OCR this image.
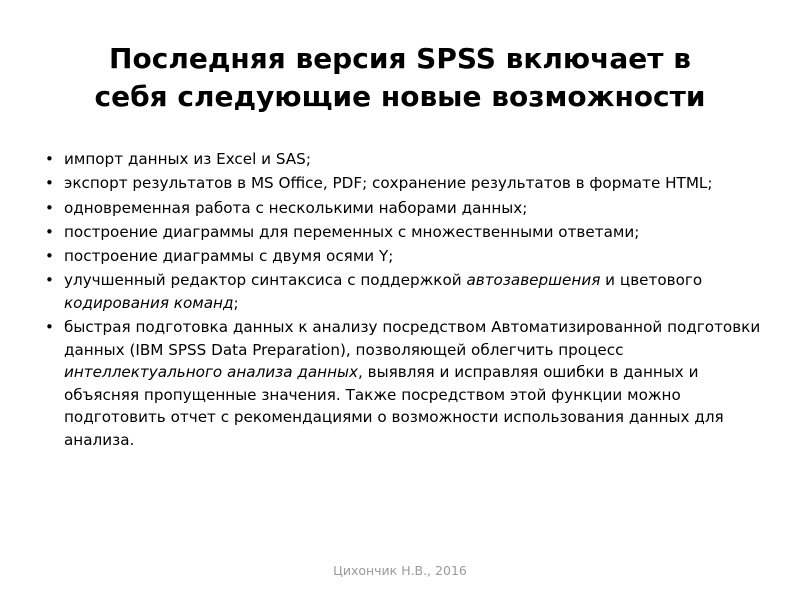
Последняя версия SPSS включает в
себя следующие новые возможности
• импорт данных из Excel и SAS;
• экспорт результатов в MS Office, PDF; сохранение результатов в формате HTML;
• одновременная работа с несколькими наборами данных;
• построение диаграммы для переменных с множественными ответами;
• построение диаграммы с двумя осями Y;
• улучшенный редактор синтаксиса с поддержкой автозавершения и цветового кодирования команд;
• быстрая подготовка данных к анализу посредством Автоматизированной подготовки данных (IBM SPSS Data Preparation), позволяющей облегчить процесс интеллектуального анализа данных, выявляя и исправляя ошибки в данных и объясняя пропущенные значения. Также посредством этой функции можно подготовить отчет с рекомендациями о возможности использования данных для анализа.
Цихончик Н.В., 2016
